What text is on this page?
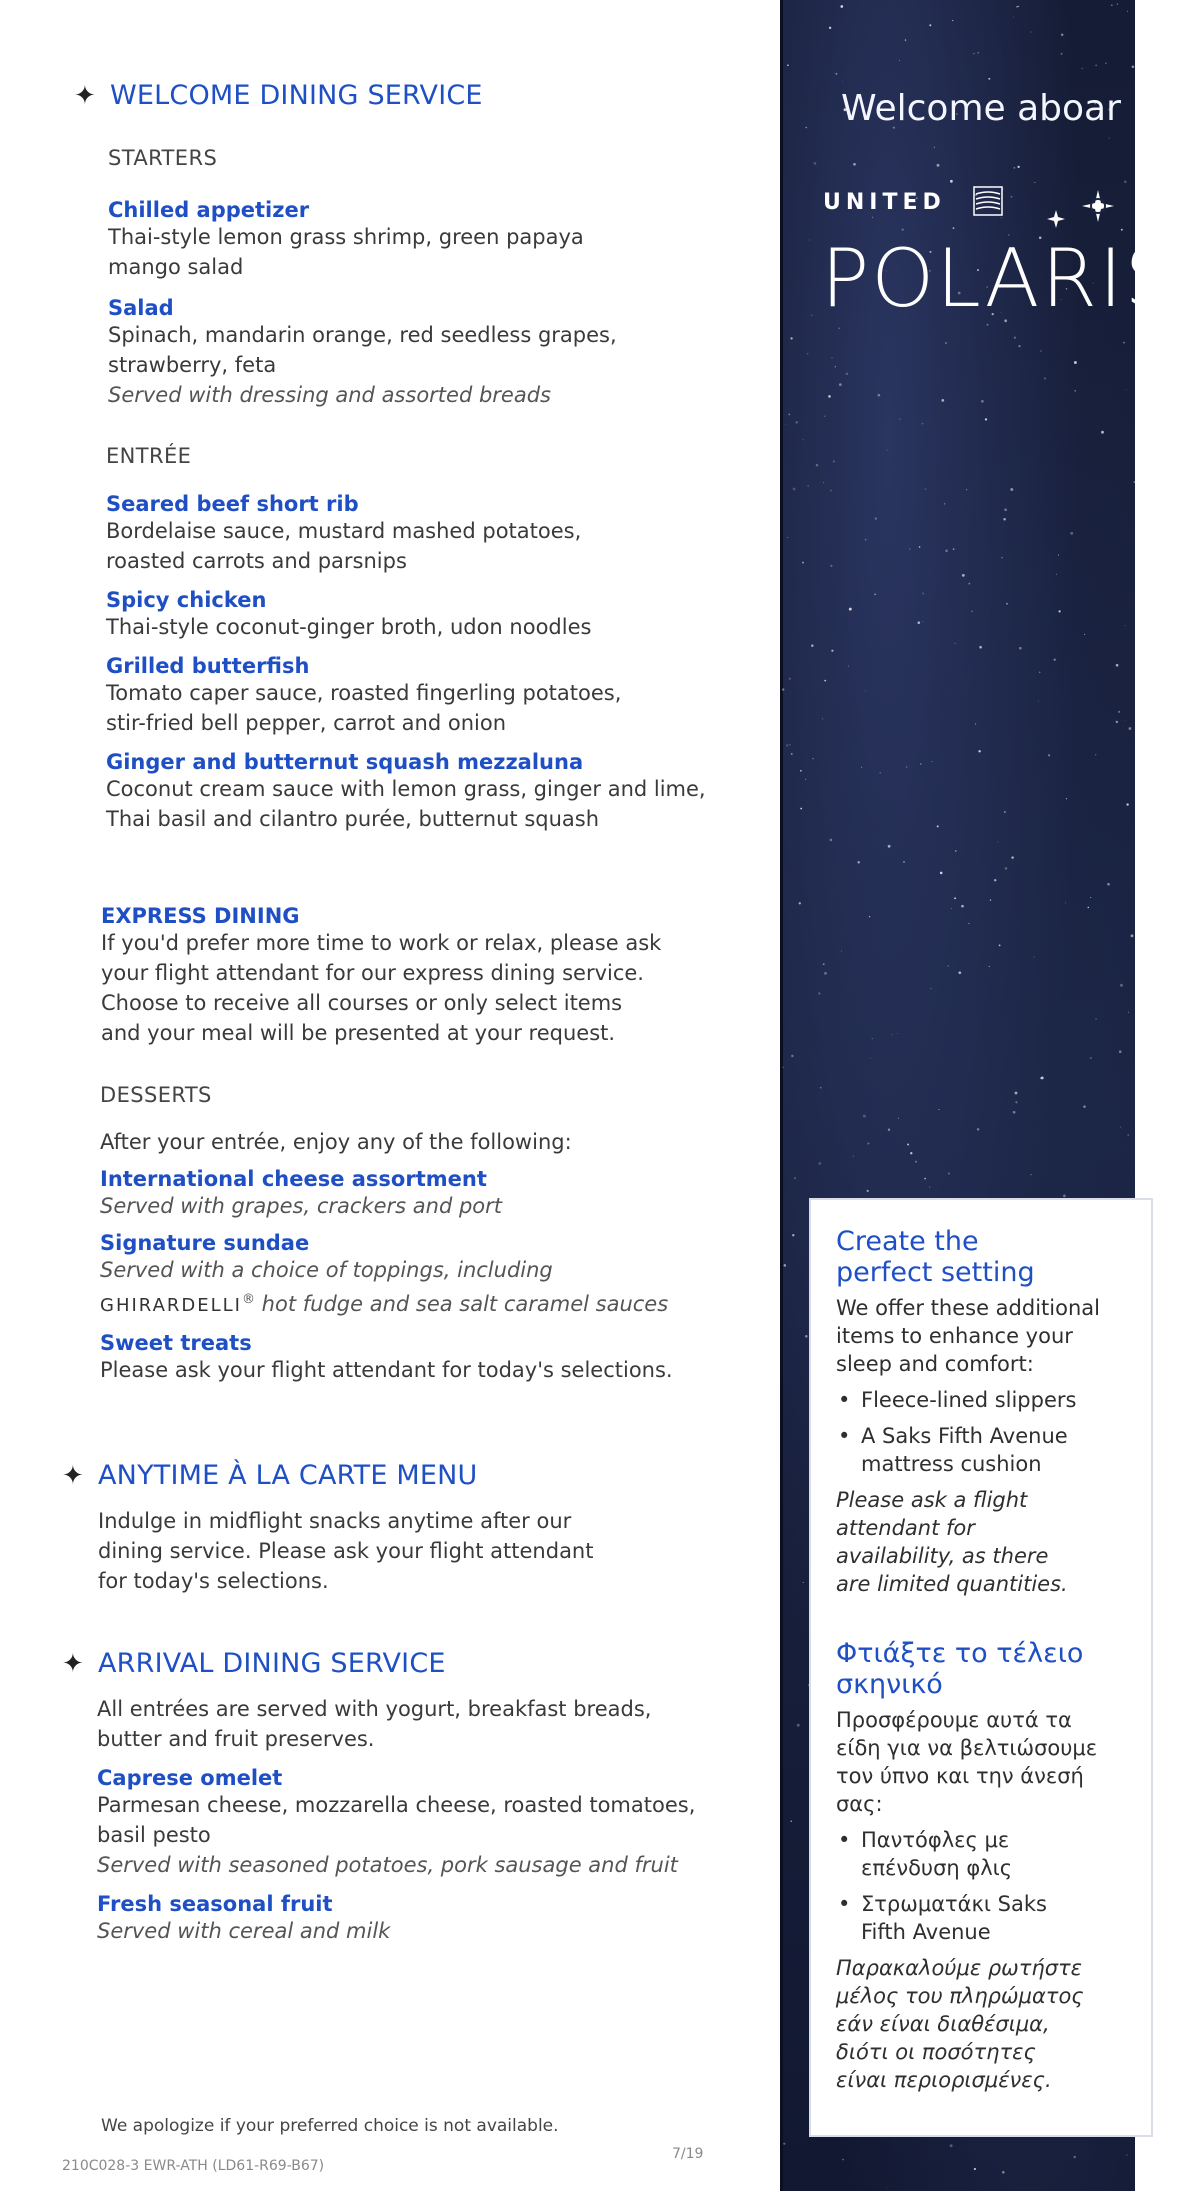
✦ WELCOME DINING SERVICE

STARTERS

Chilled appetizer

Thai-style lemon grass shrimp, green papaya

mango salad

Salad

Spinach, mandarin orange, red seedless grapes,

strawberry, feta

Served with dressing and assorted breads

ENTRÉE

Seared beef short rib

Bordelaise sauce, mustard mashed potatoes,

roasted carrots and parsnips

Spicy chicken

Thai-style coconut-ginger broth, udon noodles

Grilled butterfish

Tomato caper sauce, roasted fingerling potatoes,

stir-fried bell pepper, carrot and onion

Ginger and butternut squash mezzaluna

Coconut cream sauce with lemon grass, ginger and lime,

Thai basil and cilantro purée, butternut squash

EXPRESS DINING

If you'd prefer more time to work or relax, please ask

your flight attendant for our express dining service.

Choose to receive all courses or only select items

and your meal will be presented at your request.

DESSERTS

After your entrée, enjoy any of the following:

International cheese assortment

Served with grapes, crackers and port

Signature sundae

Served with a choice of toppings, including

GHIRARDELLI® hot fudge and sea salt caramel sauces

Sweet treats

Please ask your flight attendant for today's selections.

✦ ANYTIME À LA CARTE MENU

Indulge in midflight snacks anytime after our

dining service. Please ask your flight attendant

for today's selections.

✦ ARRIVAL DINING SERVICE

All entrées are served with yogurt, breakfast breads,

butter and fruit preserves.

Caprese omelet

Parmesan cheese, mozzarella cheese, roasted tomatoes,

basil pesto

Served with seasoned potatoes, pork sausage and fruit

Fresh seasonal fruit

Served with cereal and milk

We apologize if your preferred choice is not available.
210C028-3 EWR-ATH (LD61-R69-B67)
7/19
Welcome aboar
UNITED
POLARIS
Create the
perfect setting

We offer these additional

items to enhance your

sleep and comfort:

• Fleece-lined slippers
• A Saks Fifth Avenue
mattress cushion

Please ask a flight

attendant for

availability, as there

are limited quantities.

Φτιάξτε το τέλειο
σκηνικό

Προσφέρουμε αυτά τα

είδη για να βελτιώσουμε

τον ύπνο και την άνεσή

σας:

• Παντόφλες με
επένδυση φλις
• Στρωματάκι Saks
Fifth Avenue

Παρακαλούμε ρωτήστε

μέλος του πληρώματος

εάν είναι διαθέσιμα,

διότι οι ποσότητες

είναι περιορισμένες.
